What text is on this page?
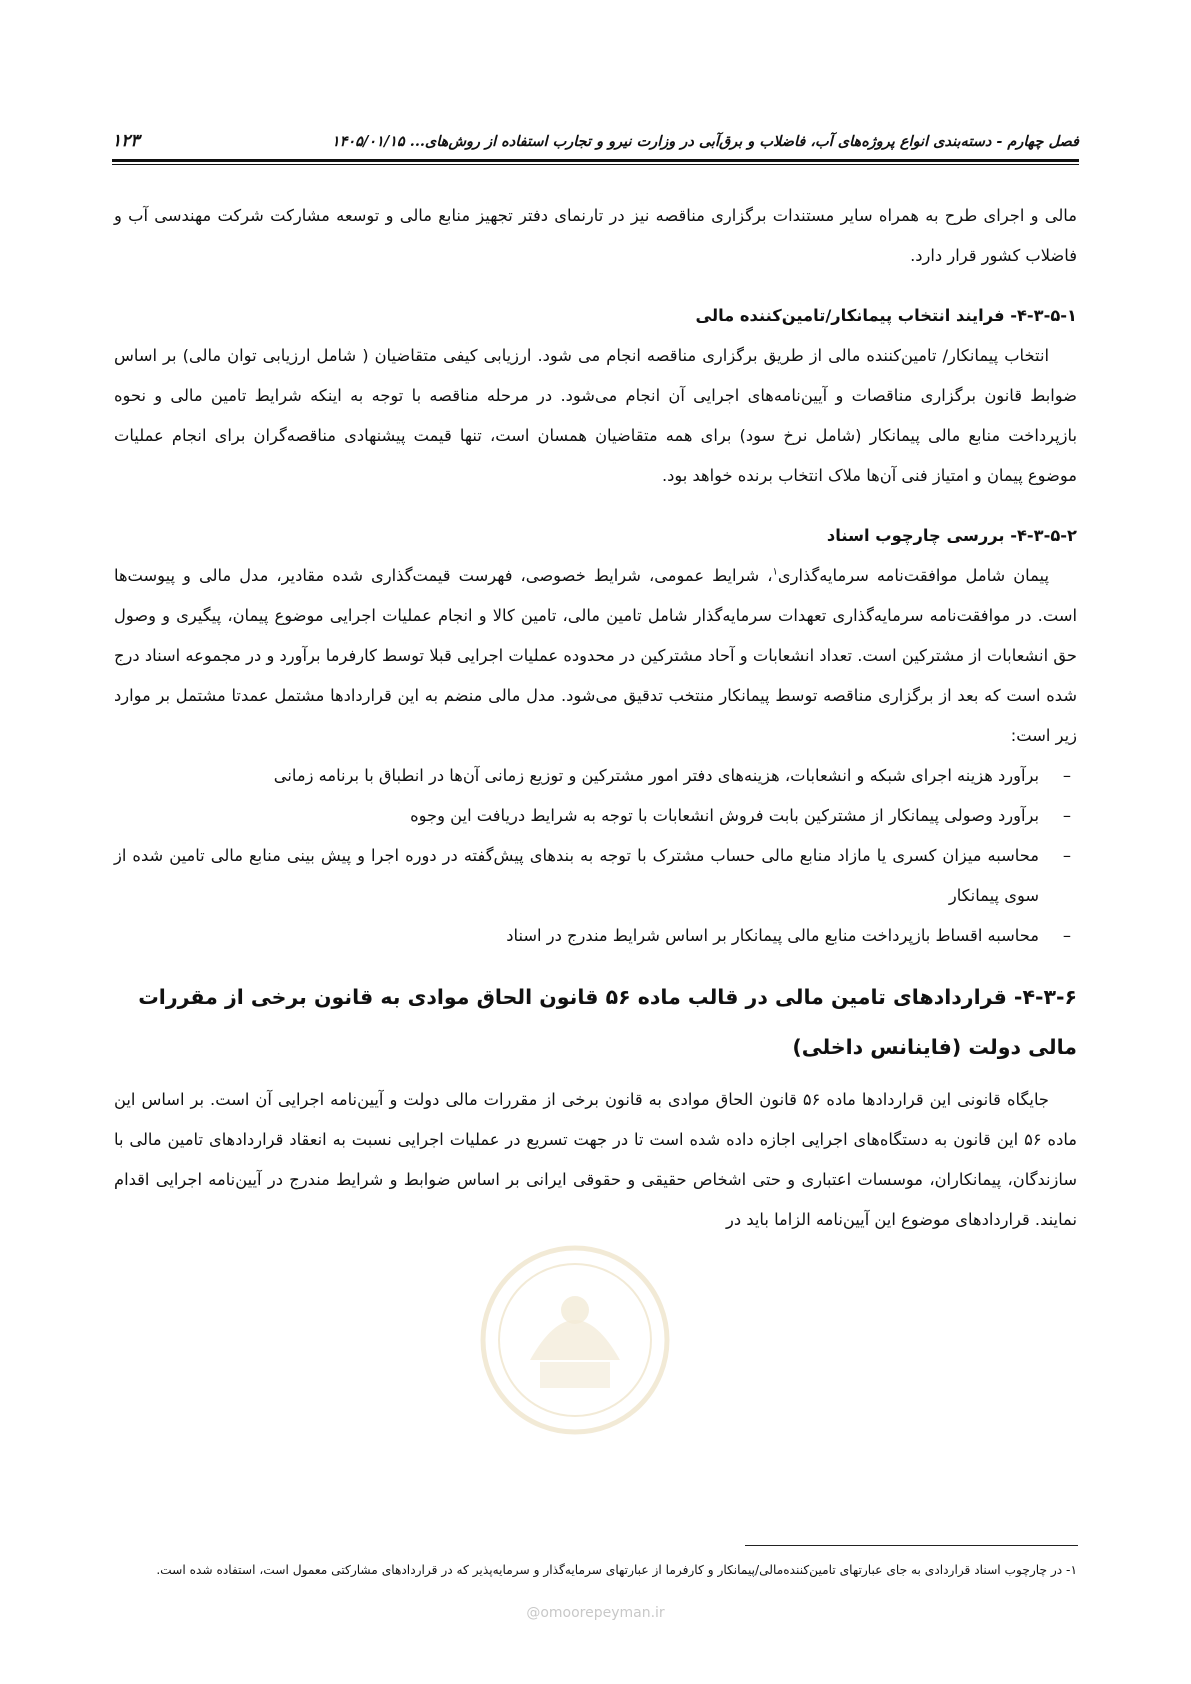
فصل چهارم - دسته‌بندی انواع پروژه‌های آب، فاضلاب و برق‌آبی در وزارت نیرو و تجارب استفاده از روش‌های... ۱۴۰۵/۰۱/۱۵
۱۲۳

مالی و اجرای طرح به همراه سایر مستندات برگزاری مناقصه نیز در تارنمای دفتر تجهیز منابع مالی و توسعه مشارکت شرکت مهندسی آب و فاضلاب کشور قرار دارد.

۴-۳-۵-۱- فرایند انتخاب پیمانکار/تامین‌کننده مالی

انتخاب پیمانکار/ تامین‌کننده مالی از طریق برگزاری مناقصه انجام می شود. ارزیابی کیفی متقاضیان ( شامل ارزیابی توان مالی) بر اساس ضوابط قانون برگزاری مناقصات و آیین‌نامه‌های اجرایی آن انجام می‌شود. در مرحله مناقصه با توجه به اینکه شرایط تامین مالی و نحوه بازپرداخت منابع مالی پیمانکار (شامل نرخ سود) برای همه متقاضیان همسان است، تنها قیمت پیشنهادی مناقصه‌گران برای انجام عملیات موضوع پیمان و امتیاز فنی آن‌ها ملاک انتخاب برنده خواهد بود.

۴-۳-۵-۲- بررسی چارچوب اسناد

پیمان شامل موافقت‌نامه سرمایه‌گذاری$^۱$، شرایط عمومی، شرایط خصوصی، فهرست قیمت‌گذاری شده مقادیر، مدل مالی و پیوست‌ها است. در موافقت‌نامه سرمایه‌گذاری تعهدات سرمایه‌گذار شامل تامین مالی، تامین کالا و انجام عملیات اجرایی موضوع پیمان، پیگیری و وصول حق انشعابات از مشترکین است. تعداد انشعابات و آحاد مشترکین در محدوده عملیات اجرایی قبلا توسط کارفرما برآورد و در مجموعه اسناد درج شده است که بعد از برگزاری مناقصه توسط پیمانکار منتخب تدقیق می‌شود. مدل مالی منضم به این قراردادها مشتمل عمدتا مشتمل بر موارد زیر است:

–
برآورد هزینه اجرای شبکه و انشعابات، هزینه‌های دفتر امور مشترکین و توزیع زمانی آن‌ها در انطباق با برنامه زمانی
–
برآورد وصولی پیمانکار از مشترکین بابت فروش انشعابات با توجه به شرایط دریافت این وجوه
–
محاسبه میزان کسری یا مازاد منابع مالی حساب مشترک با توجه به بندهای پیش‌گفته در دوره اجرا و پیش بینی منابع مالی تامین شده از سوی پیمانکار
–
محاسبه اقساط بازپرداخت منابع مالی پیمانکار بر اساس شرایط مندرج در اسناد

۴-۳-۶- قراردادهای تامین مالی در قالب ماده ۵۶ قانون الحاق موادی به قانون برخی از مقررات مالی دولت (فاینانس داخلی)

جایگاه قانونی این قراردادها ماده ۵۶ قانون الحاق موادی به قانون برخی از مقررات مالی دولت و آیین‌نامه اجرایی آن است. بر اساس این ماده ۵۶ این قانون به دستگاه‌های اجرایی اجازه داده شده است تا در جهت تسریع در عملیات اجرایی نسبت به انعقاد قراردادهای تامین مالی با سازندگان، پیمانکاران، موسسات اعتباری و حتی اشخاص حقیقی و حقوقی ایرانی بر اساس ضوابط و شرایط مندرج در آیین‌نامه اجرایی اقدام نمایند. قراردادهای موضوع این آیین‌نامه الزاما باید در

۱- در چارچوب اسناد قراردادی به جای عبارتهای تامین‌کننده‌مالی/پیمانکار و کارفرما از عبارتهای سرمایه‌گذار و سرمایه‌پذیر که در قراردادهای مشارکتی معمول است، استفاده شده است.
@omoorepeyman.ir
